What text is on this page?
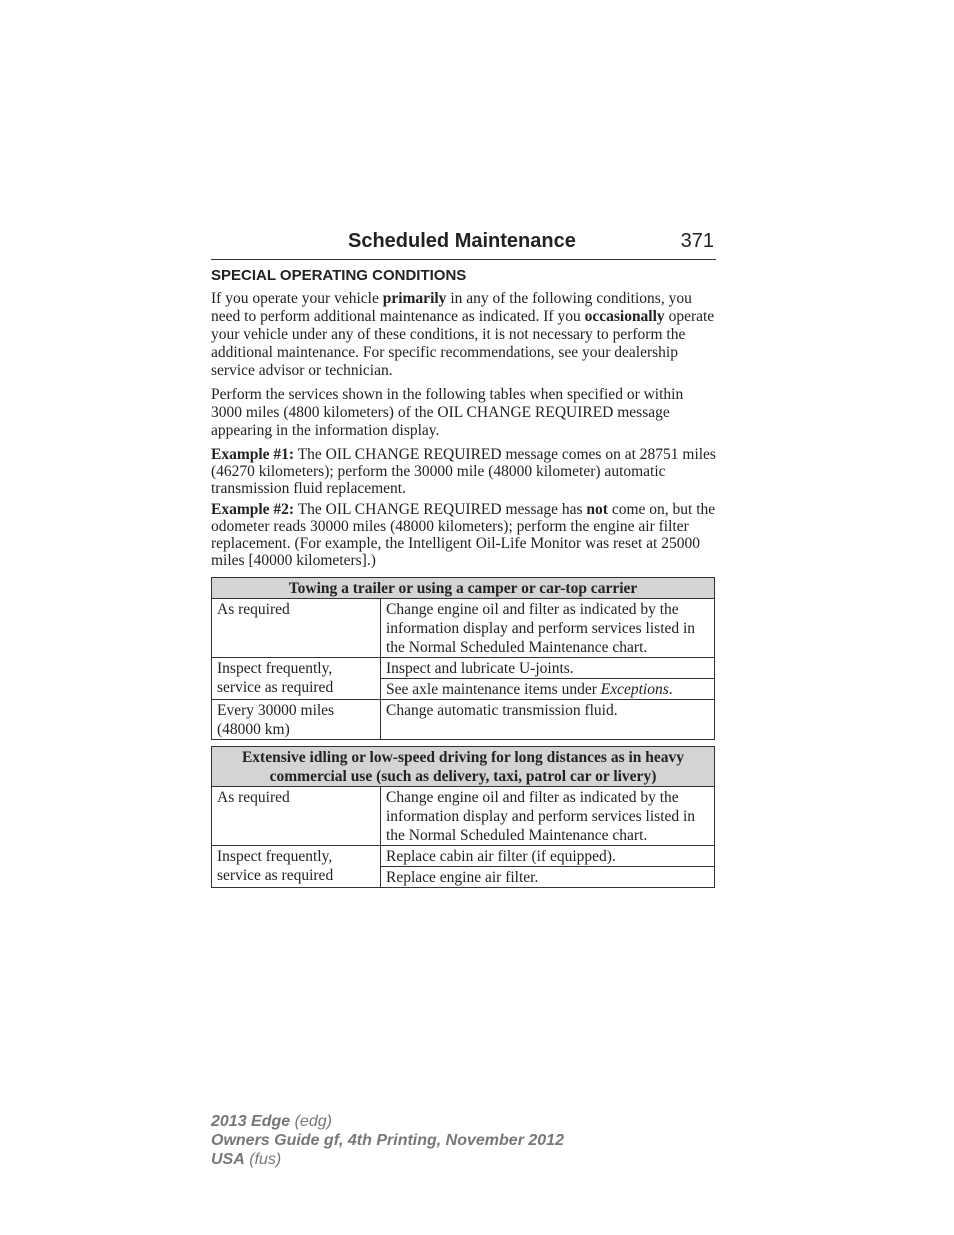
Scheduled Maintenance	371
SPECIAL OPERATING CONDITIONS

If you operate your vehicle primarily in any of the following conditions, you need to perform additional maintenance as indicated. If you occasionally operate your vehicle under any of these conditions, it is not necessary to perform the additional maintenance. For specific recommendations, see your dealership service advisor or technician.

Perform the services shown in the following tables when specified or within 3000 miles (4800 kilometers) of the OIL CHANGE REQUIRED message appearing in the information display.

Example #1: The OIL CHANGE REQUIRED message comes on at 28751 miles (46270 kilometers); perform the 30000 mile (48000 kilometer) automatic transmission fluid replacement.

Example #2: The OIL CHANGE REQUIRED message has not come on, but the odometer reads 30000 miles (48000 kilometers); perform the engine air filter replacement. (For example, the Intelligent Oil-Life Monitor was reset at 25000 miles [40000 kilometers].)

Towing a trailer or using a camper or car-top carrier	
As required	Change engine oil and filter as indicated by the information display and perform services listed in the Normal Scheduled Maintenance chart.
Inspect frequently, service as required	Inspect and lubricate U-joints.
	See axle maintenance items under Exceptions.
Every 30000 miles (48000 km)	Change automatic transmission fluid.
Extensive idling or low-speed driving for long distances as in heavy commercial use (such as delivery, taxi, patrol car or livery)	
As required	Change engine oil and filter as indicated by the information display and perform services listed in the Normal Scheduled Maintenance chart.
Inspect frequently, service as required	Replace cabin air filter (if equipped).
	Replace engine air filter.
2013 Edge (edg)
Owners Guide gf, 4th Printing, November 2012
USA (fus)
